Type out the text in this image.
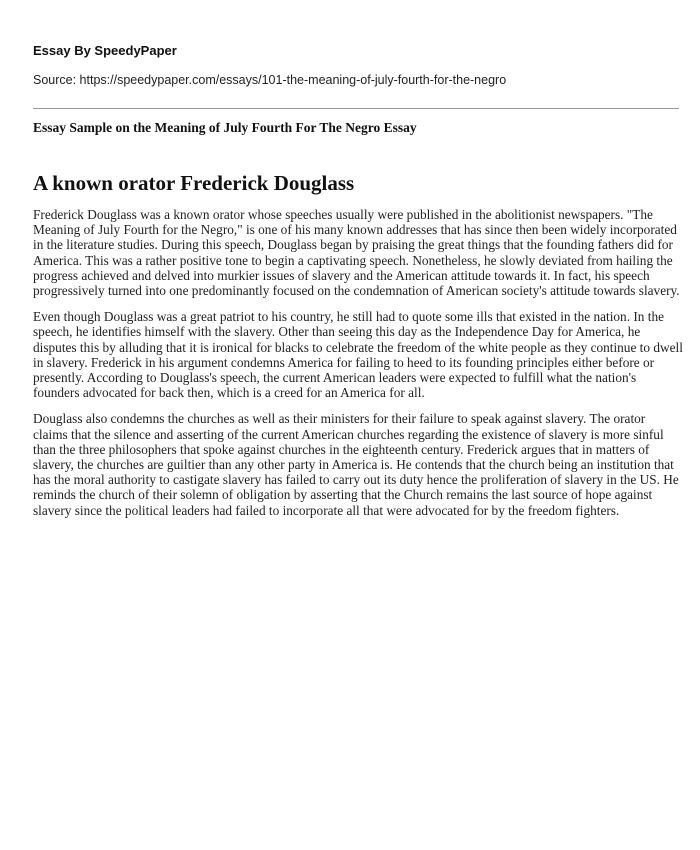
Essay By SpeedyPaper
Source: https://speedypaper.com/essays/101-the-meaning-of-july-fourth-for-the-negro
Essay Sample on the Meaning of July Fourth For The Negro Essay
A known orator Frederick Douglass

Frederick Douglass was a known orator whose speeches usually were published in the abolitionist newspapers. "The Meaning of July Fourth for the Negro," is one of his many known addresses that has since then been widely incorporated in the literature studies. During this speech, Douglass began by praising the great things that the founding fathers did for America. This was a rather positive tone to begin a captivating speech. Nonetheless, he slowly deviated from hailing the progress achieved and delved into murkier issues of slavery and the American attitude towards it. In fact, his speech progressively turned into one predominantly focused on the condemnation of American society's attitude towards slavery.

Even though Douglass was a great patriot to his country, he still had to quote some ills that existed in the nation. In the speech, he identifies himself with the slavery. Other than seeing this day as the Independence Day for America, he disputes this by alluding that it is ironical for blacks to celebrate the freedom of the white people as they continue to dwell in slavery. Frederick in his argument condemns America for failing to heed to its founding principles either before or presently. According to Douglass's speech, the current American leaders were expected to fulfill what the nation's founders advocated for back then, which is a creed for an America for all.

Douglass also condemns the churches as well as their ministers for their failure to speak against slavery. The orator claims that the silence and asserting of the current American churches regarding the existence of slavery is more sinful than the three philosophers that spoke against churches in the eighteenth century. Frederick argues that in matters of slavery, the churches are guiltier than any other party in America is. He contends that the church being an institution that has the moral authority to castigate slavery has failed to carry out its duty hence the proliferation of slavery in the US. He reminds the church of their solemn of obligation by asserting that the Church remains the last source of hope against slavery since the political leaders had failed to incorporate all that were advocated for by the freedom fighters.
